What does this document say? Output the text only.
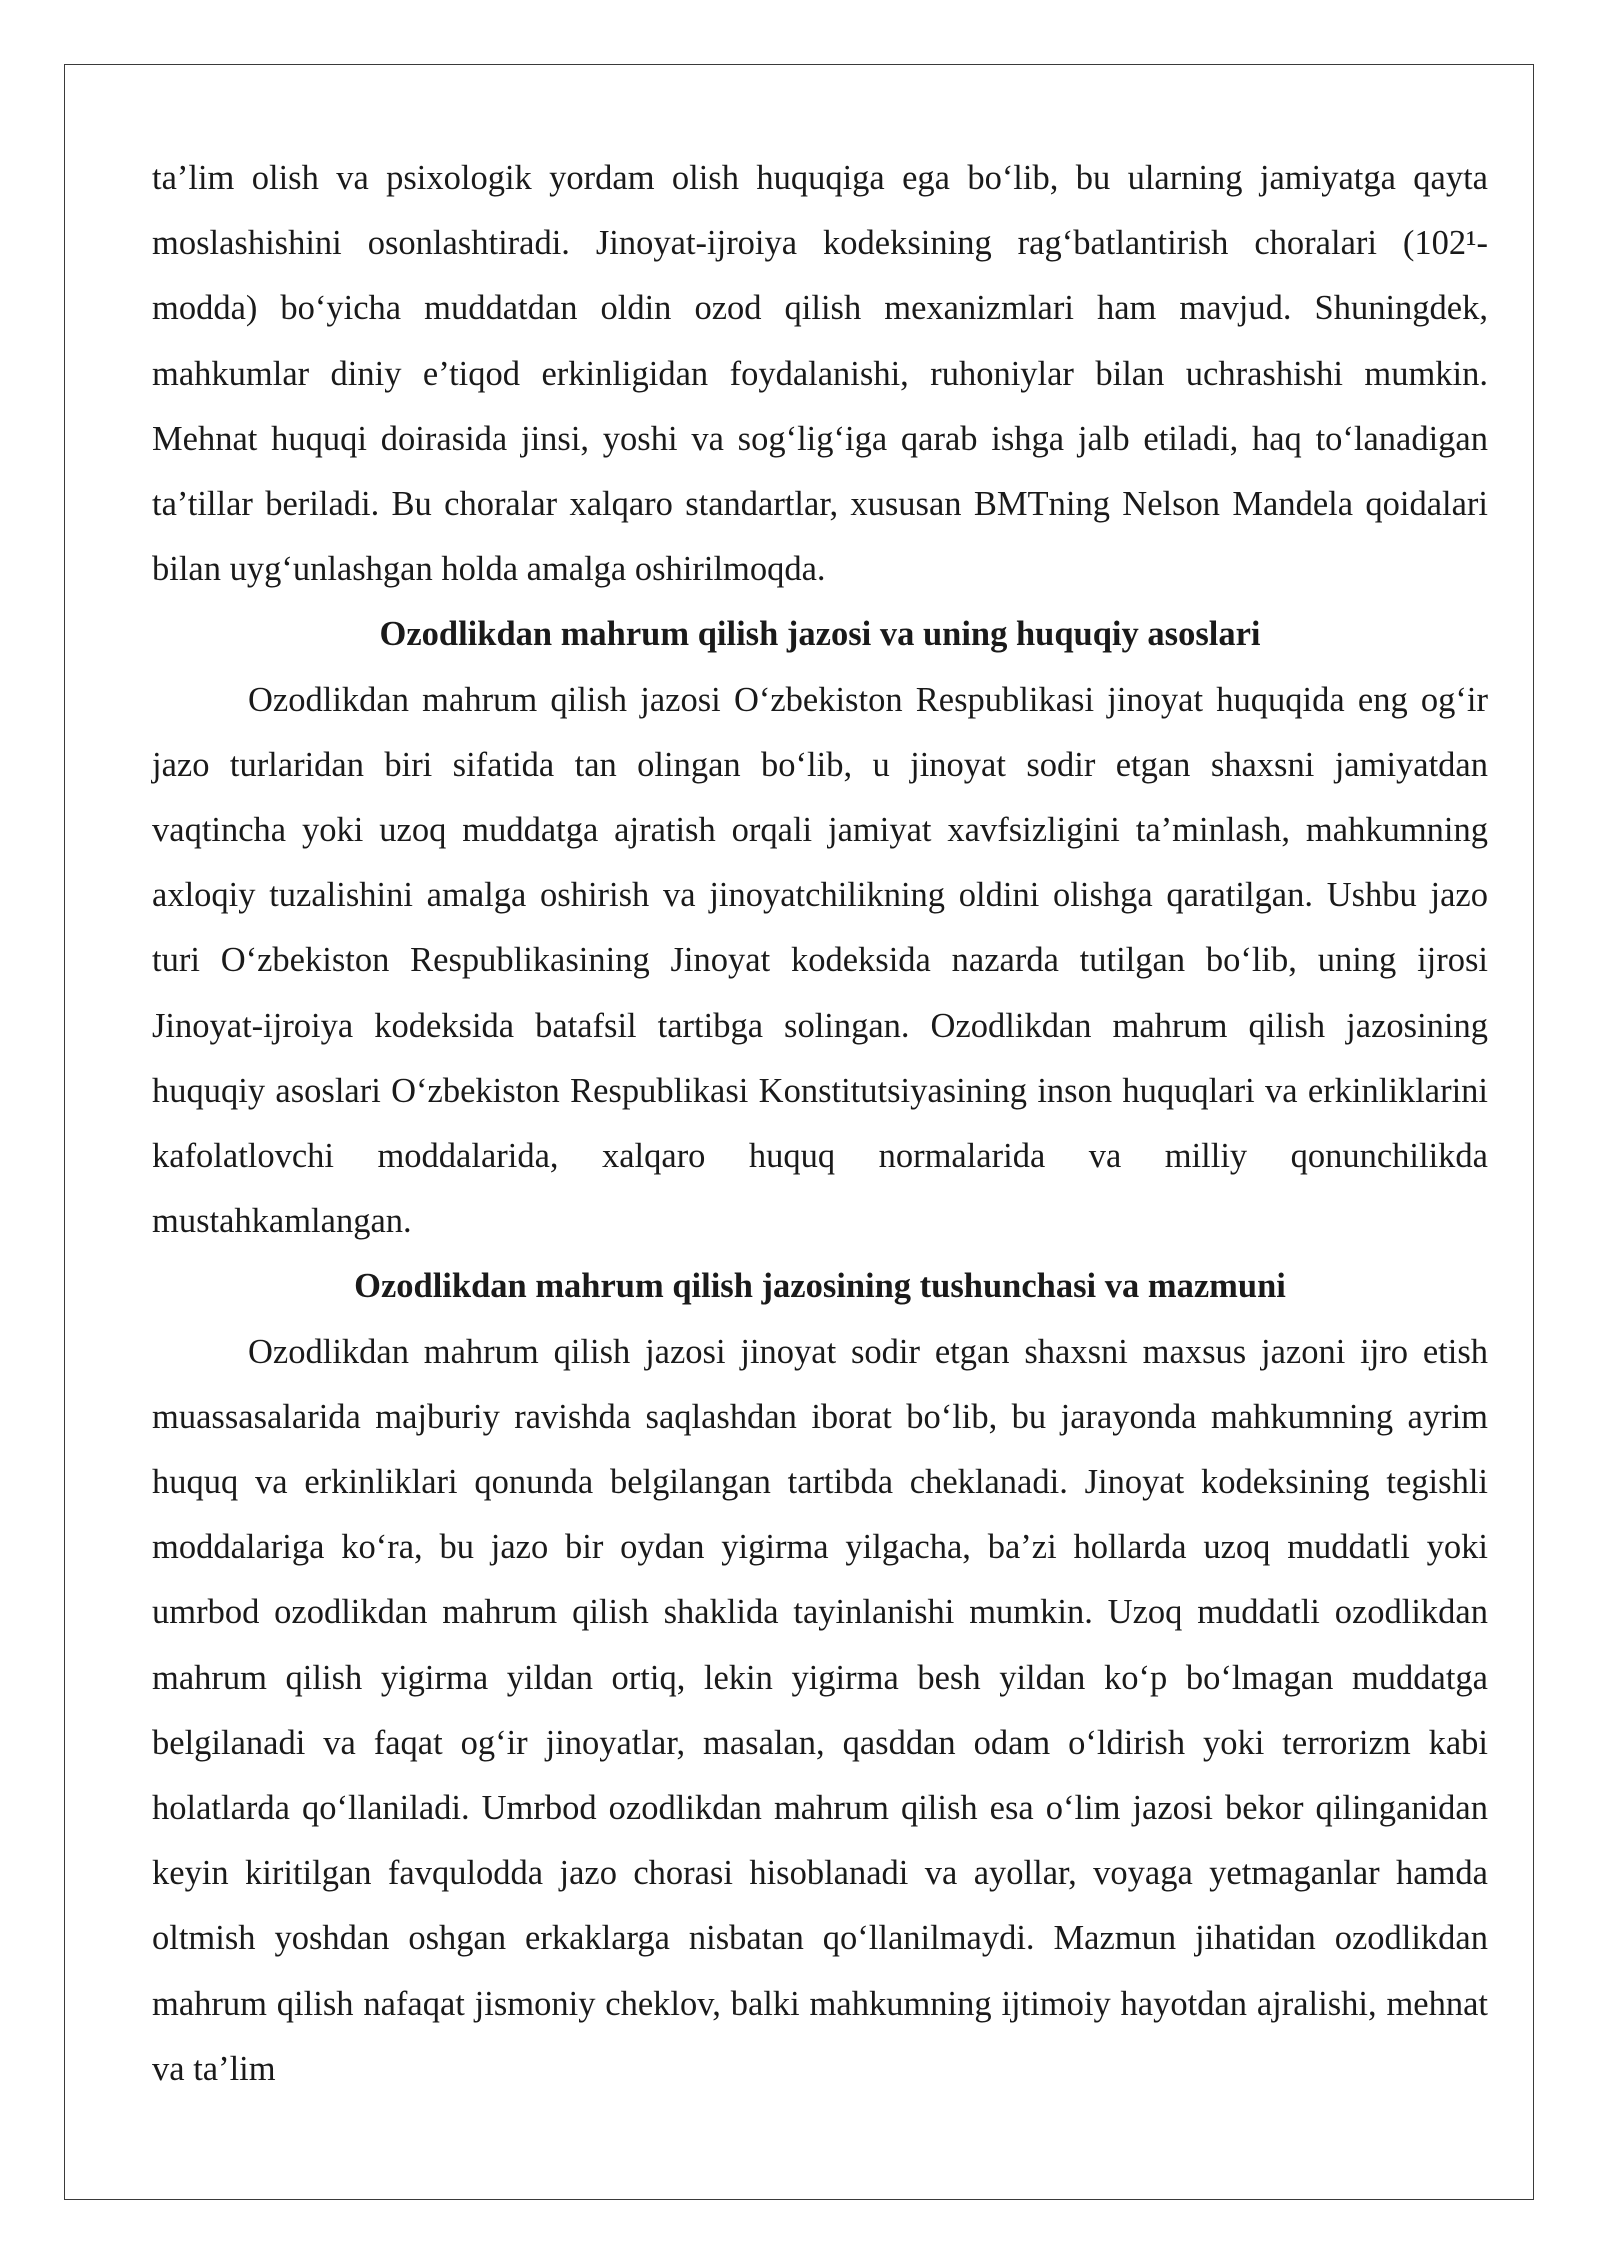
ta’lim olish va psixologik yordam olish huquqiga ega bo‘lib, bu ularning jamiyatga qayta moslashishini osonlashtiradi. Jinoyat-ijroiya kodeksining rag‘batlantirish choralari (102¹-modda) bo‘yicha muddatdan oldin ozod qilish mexanizmlari ham mavjud. Shuningdek, mahkumlar diniy e’tiqod erkinligidan foydalanishi, ruhoniylar bilan uchrashishi mumkin. Mehnat huquqi doirasida jinsi, yoshi va sog‘lig‘iga qarab ishga jalb etiladi, haq to‘lanadigan ta’tillar beriladi. Bu choralar xalqaro standartlar, xususan BMTning Nelson Mandela qoidalari bilan uyg‘unlashgan holda amalga oshirilmoqda.

Ozodlikdan mahrum qilish jazosi va uning huquqiy asoslari

Ozodlikdan mahrum qilish jazosi O‘zbekiston Respublikasi jinoyat huquqida eng og‘ir jazo turlaridan biri sifatida tan olingan bo‘lib, u jinoyat sodir etgan shaxsni jamiyatdan vaqtincha yoki uzoq muddatga ajratish orqali jamiyat xavfsizligini ta’minlash, mahkumning axloqiy tuzalishini amalga oshirish va jinoyatchilikning oldini olishga qaratilgan. Ushbu jazo turi O‘zbekiston Respublikasining Jinoyat kodeksida nazarda tutilgan bo‘lib, uning ijrosi Jinoyat-ijroiya kodeksida batafsil tartibga solingan. Ozodlikdan mahrum qilish jazosining huquqiy asoslari O‘zbekiston Respublikasi Konstitutsiyasining inson huquqlari va erkinliklarini kafolatlovchi moddalarida, xalqaro huquq normalarida va milliy qonunchilikda mustahkamlangan.

Ozodlikdan mahrum qilish jazosining tushunchasi va mazmuni

Ozodlikdan mahrum qilish jazosi jinoyat sodir etgan shaxsni maxsus jazoni ijro etish muassasalarida majburiy ravishda saqlashdan iborat bo‘lib, bu jarayonda mahkumning ayrim huquq va erkinliklari qonunda belgilangan tartibda cheklanadi. Jinoyat kodeksining tegishli moddalariga ko‘ra, bu jazo bir oydan yigirma yilgacha, ba’zi hollarda uzoq muddatli yoki umrbod ozodlikdan mahrum qilish shaklida tayinlanishi mumkin. Uzoq muddatli ozodlikdan mahrum qilish yigirma yildan ortiq, lekin yigirma besh yildan ko‘p bo‘lmagan muddatga belgilanadi va faqat og‘ir jinoyatlar, masalan, qasddan odam o‘ldirish yoki terrorizm kabi holatlarda qo‘llaniladi. Umrbod ozodlikdan mahrum qilish esa o‘lim jazosi bekor qilinganidan keyin kiritilgan favqulodda jazo chorasi hisoblanadi va ayollar, voyaga yetmaganlar hamda oltmish yoshdan oshgan erkaklarga nisbatan qo‘llanilmaydi. Mazmun jihatidan ozodlikdan mahrum qilish nafaqat jismoniy cheklov, balki mahkumning ijtimoiy hayotdan ajralishi, mehnat va ta’lim
